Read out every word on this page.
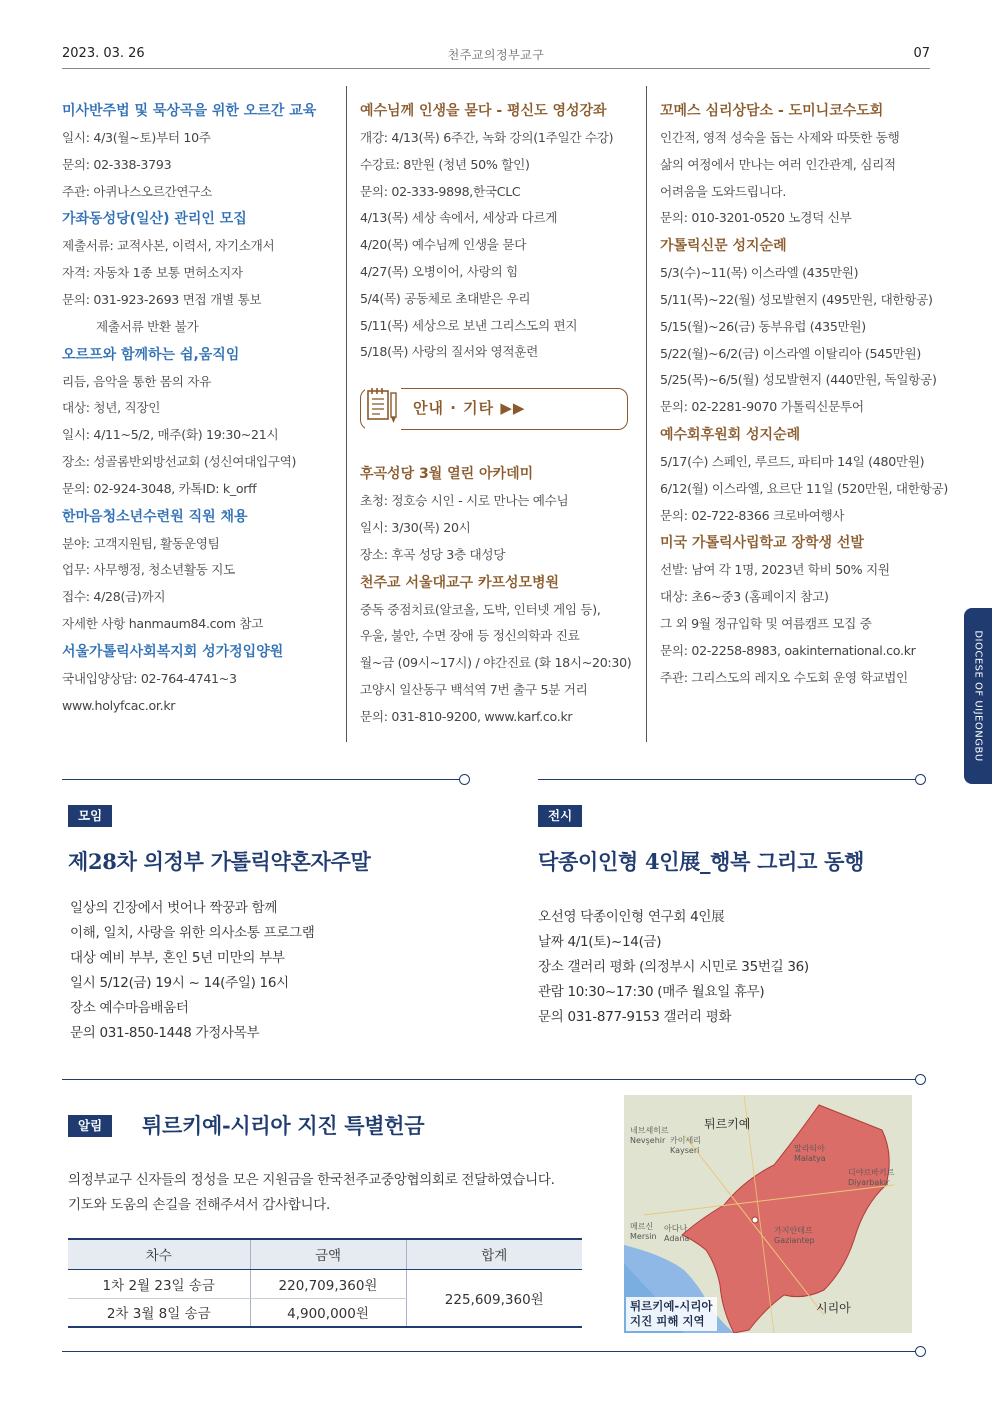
2023. 03. 26	천주교의정부교구	07
미사반주법 및 묵상곡을 위한 오르간 교육
일시: 4/3(월~토)부터 10주
문의: 02-338-3793
주관: 아퀴나스오르간연구소
가좌동성당(일산) 관리인 모집
제출서류: 교적사본, 이력서, 자기소개서
자격: 자동차 1종 보통 면허소지자
문의: 031-923-2693 면접 개별 통보
제출서류 반환 불가
오르프와 함께하는 쉼,움직임
리듬, 음악을 통한 몸의 자유
대상: 청년, 직장인
일시: 4/11~5/2, 매주(화) 19:30~21시
장소: 성골롬반외방선교회 (성신여대입구역)
문의: 02-924-3048, 카톡ID: k_orff
한마음청소년수련원 직원 채용
분야: 고객지원팀, 활동운영팀
업무: 사무행정, 청소년활동 지도
접수: 4/28(금)까지
자세한 사항 hanmaum84.com 참고
서울가톨릭사회복지회 성가정입양원
국내입양상담: 02-764-4741~3
www.holyfcac.or.kr
예수님께 인생을 묻다 - 평신도 영성강좌
개강: 4/13(목) 6주간, 녹화 강의(1주일간 수강)
수강료: 8만원 (청년 50% 할인)
문의: 02-333-9898,한국CLC
4/13(목) 세상 속에서, 세상과 다르게
4/20(목) 예수님께 인생을 묻다
4/27(목) 오병이어, 사랑의 힘
5/4(목) 공동체로 초대받은 우리
5/11(목) 세상으로 보낸 그리스도의 편지
5/18(목) 사랑의 질서와 영적훈련
안내 · 기타 ▶▶
후곡성당 3월 열린 아카데미
초청: 정호승 시인 - 시로 만나는 예수님
일시: 3/30(목) 20시
장소: 후곡 성당 3층 대성당
천주교 서울대교구 카프성모병원
중독 중점치료(알코올, 도박, 인터넷 게임 등),
우울, 불안, 수면 장애 등 정신의학과 진료
월~금 (09시~17시) / 야간진료 (화 18시~20:30)
고양시 일산동구 백석역 7번 출구 5분 거리
문의: 031-810-9200, www.karf.co.kr
꼬메스 심리상담소 - 도미니코수도회
인간적, 영적 성숙을 돕는 사제와 따뜻한 동행
삶의 여정에서 만나는 여러 인간관계, 심리적
어려움을 도와드립니다.
문의: 010-3201-0520 노경덕 신부
가톨릭신문 성지순례
5/3(수)~11(목) 이스라엘 (435만원)
5/11(목)~22(월) 성모발현지 (495만원, 대한항공)
5/15(월)~26(금) 동부유럽 (435만원)
5/22(월)~6/2(금) 이스라엘 이탈리아 (545만원)
5/25(목)~6/5(월) 성모발현지 (440만원, 독일항공)
문의: 02-2281-9070 가톨릭신문투어
예수회후원회 성지순례
5/17(수) 스페인, 루르드, 파티마 14일 (480만원)
6/12(월) 이스라엘, 요르단 11일 (520만원, 대한항공)
문의: 02-722-8366 크로바여행사
미국 가톨릭사립학교 장학생 선발
선발: 남여 각 1명, 2023년 학비 50% 지원
대상: 초6~중3 (홈페이지 참고)
그 외 9월 정규입학 및 여름캠프 모집 중
문의: 02-2258-8983, oakinternational.co.kr
주관: 그리스도의 레지오 수도회 운영 학교법인	DIOCESE OF UIJEONGBU
모임
제28차 의정부 가톨릭약혼자주말
일상의 긴장에서 벗어나 짝꿍과 함께
이해, 일치, 사랑을 위한 의사소통 프로그램
대상 예비 부부, 혼인 5년 미만의 부부
일시 5/12(금) 19시 ~ 14(주일) 16시
장소 예수마음배움터
문의 031-850-1448 가정사목부
전시
닥종이인형 4인展_행복 그리고 동행
오선영 닥종이인형 연구회 4인展
날짜 4/1(토)~14(금)
장소 갤러리 평화 (의정부시 시민로 35번길 36)
관람 10:30~17:30 (매주 월요일 휴무)
문의 031-877-9153 갤러리 평화
알림	튀르키예-시리아 지진 특별헌금
의정부교구 신자들의 정성을 모은 지원금을 한국천주교중앙협의회로 전달하였습니다.
기도와 도움의 손길을 전해주셔서 감사합니다.
차수	금액	합계
1차 2월 23일 송금	220,709,360원	225,609,360원
2차 3월 8일 송금	4,900,000원	
튀르키예
시리아
카이세리
Kayseri
아다나
Adana
메르신
Mersin
말라티아
Malatya
가지안테프
Gaziantep
네브셰히르
Nevşehir
디야르바키르
Diyarbakır
튀르키예-시리아
지진 피해 지역
